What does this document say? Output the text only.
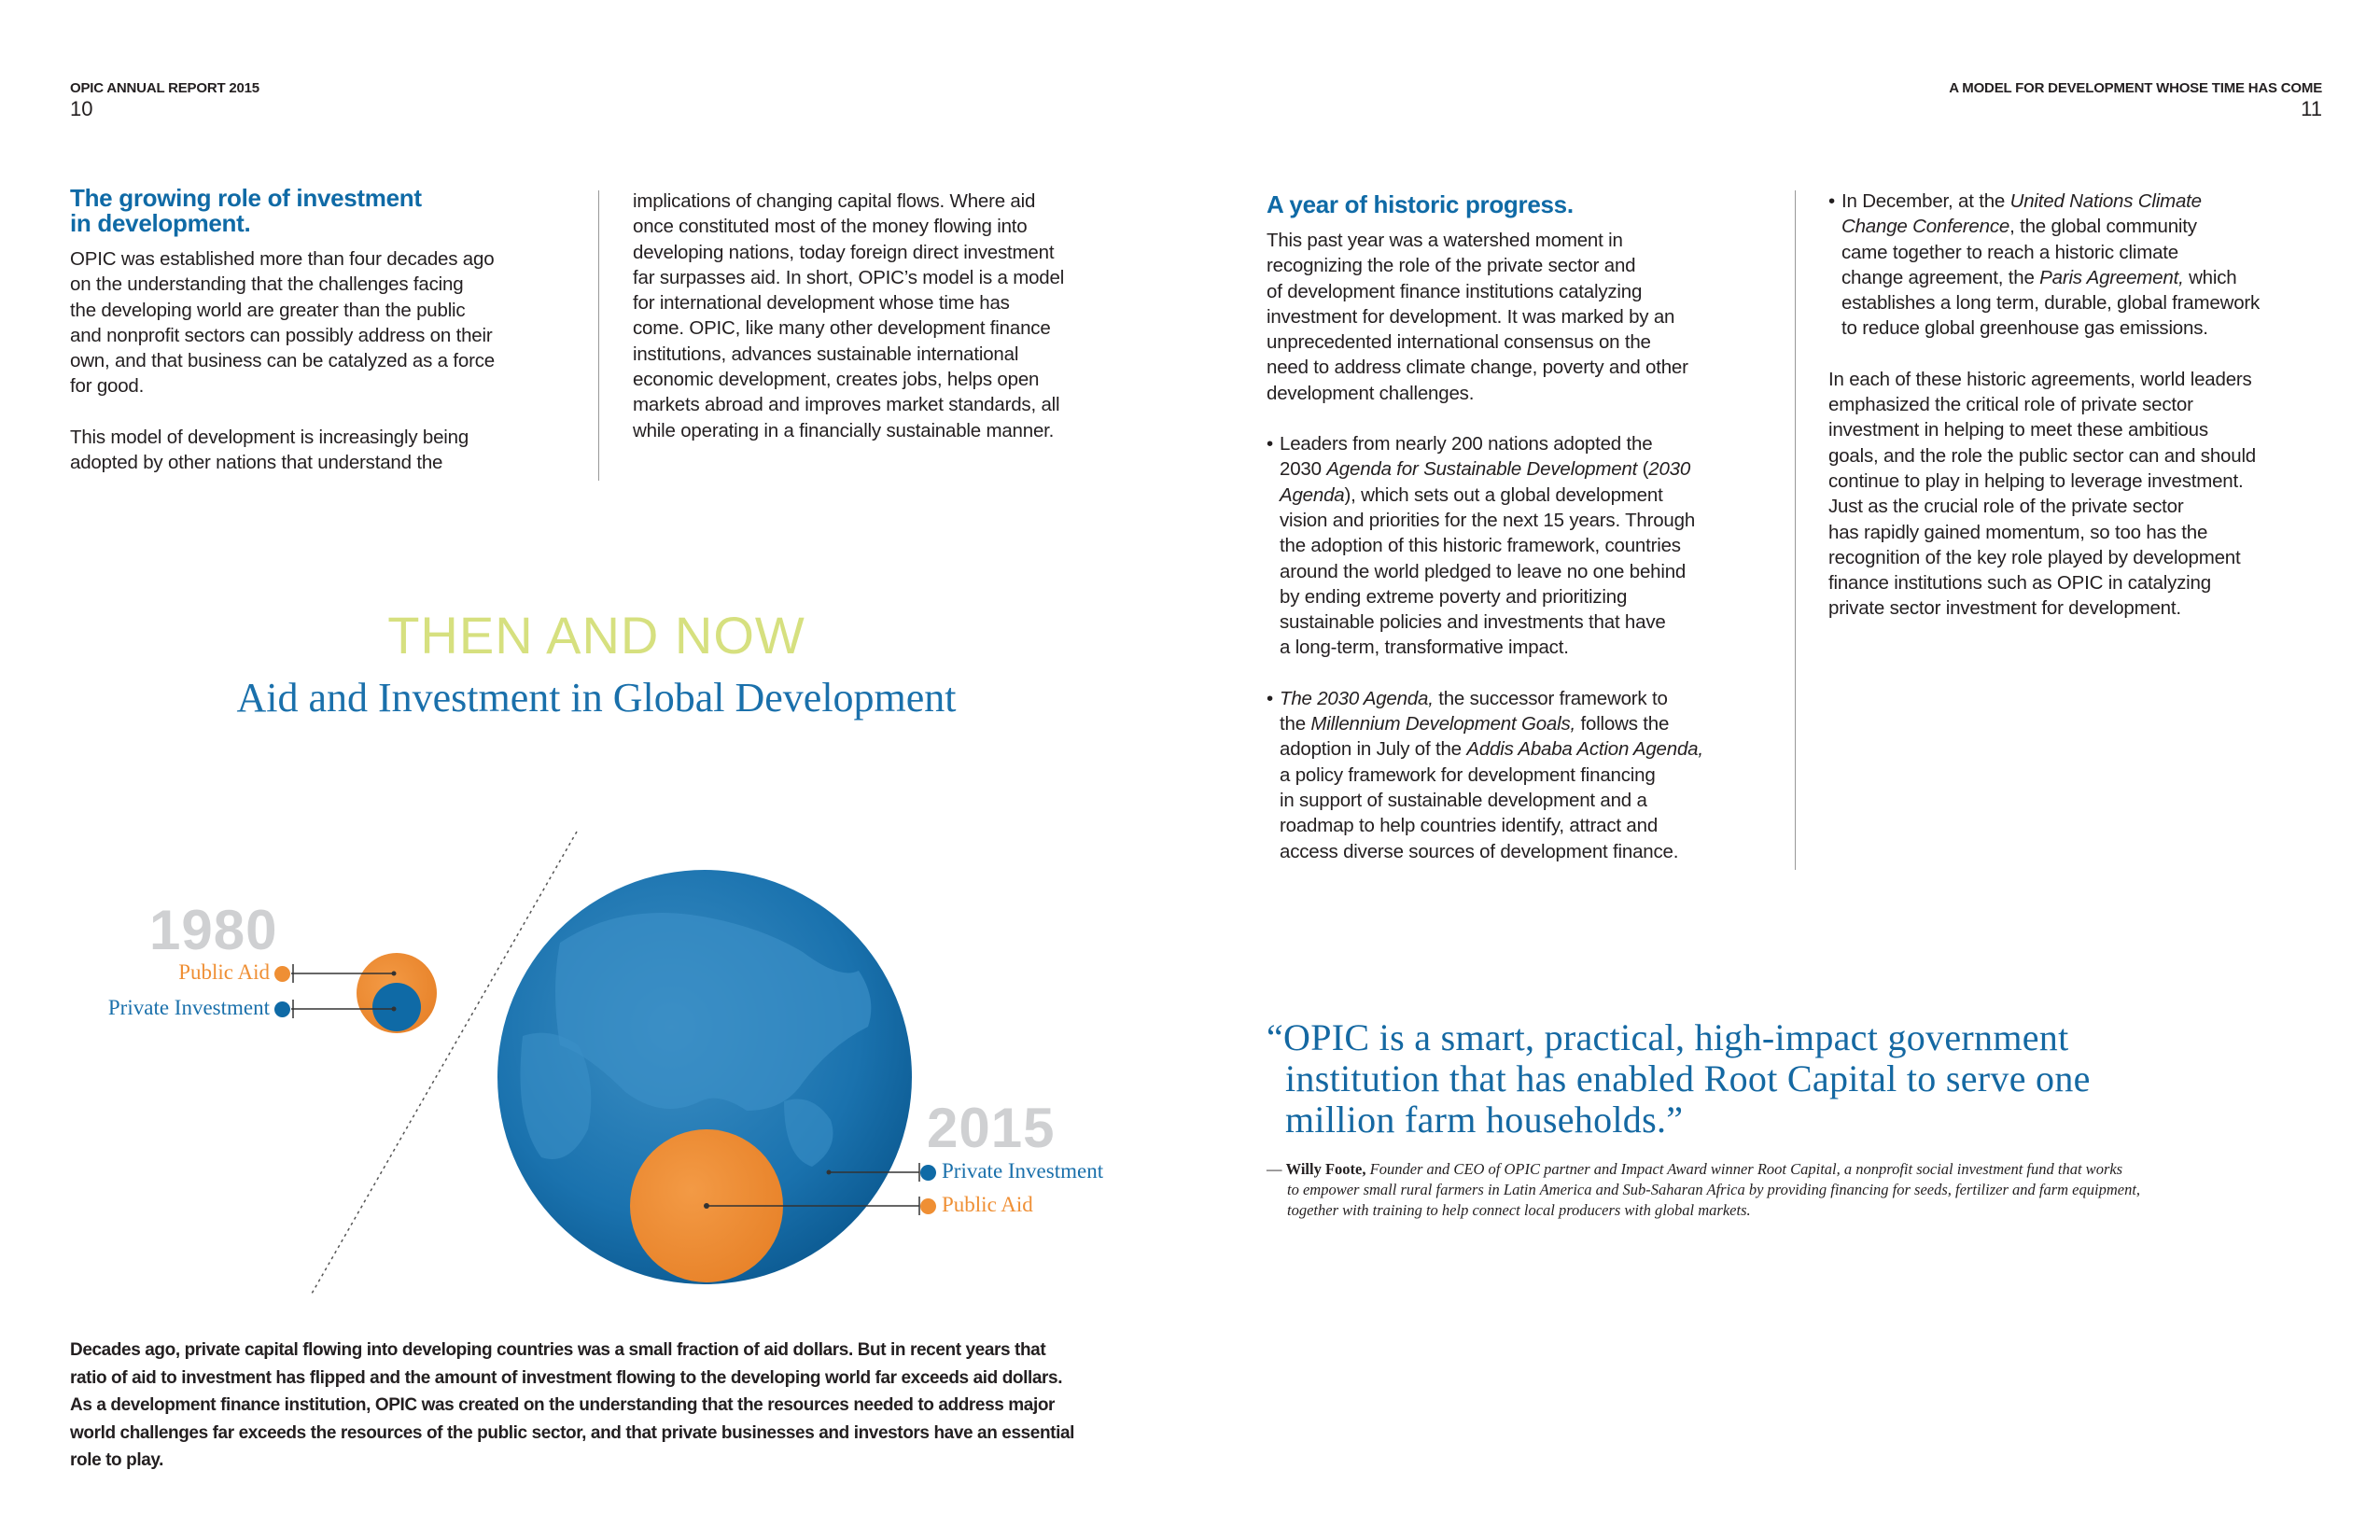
OPIC ANNUAL REPORT 2015
10
The growing role of investment
in development.
OPIC was established more than four decades ago
on the understanding that the challenges facing
the developing world are greater than the public
and nonprofit sectors can possibly address on their
own, and that business can be catalyzed as a force
for good.
This model of development is increasingly being
adopted by other nations that understand the
implications of changing capital flows. Where aid
once constituted most of the money flowing into
developing nations, today foreign direct investment
far surpasses aid. In short, OPIC’s model is a model
for international development whose time has
come. OPIC, like many other development finance
institutions, advances sustainable international
economic development, creates jobs, helps open
markets abroad and improves market standards, all
while operating in a financially sustainable manner.
THEN AND NOW
Aid and Investment in Global Development
1980
Public Aid
Private Investment
2015
Private Investment
Public Aid
Decades ago, private capital flowing into developing countries was a small fraction of aid dollars. But in recent years that
ratio of aid to investment has flipped and the amount of investment flowing to the developing world far exceeds aid dollars.
As a development finance institution, OPIC was created on the understanding that the resources needed to address major
world challenges far exceeds the resources of the public sector, and that private businesses and investors have an essential
role to play.
A MODEL FOR DEVELOPMENT WHOSE TIME HAS COME
11
A year of historic progress.
This past year was a watershed moment in
recognizing the role of the private sector and
of development finance institutions catalyzing
investment for development. It was marked by an
unprecedented international consensus on the
need to address climate change, poverty and other
development challenges.
• Leaders from nearly 200 nations adopted the
2030 Agenda for Sustainable Development (2030
Agenda), which sets out a global development
vision and priorities for the next 15 years. Through
the adoption of this historic framework, countries
around the world pledged to leave no one behind
by ending extreme poverty and prioritizing
sustainable policies and investments that have
a long-term, transformative impact.
• The 2030 Agenda, the successor framework to
the Millennium Development Goals, follows the
adoption in July of the Addis Ababa Action Agenda,
a policy framework for development financing
in support of sustainable development and a
roadmap to help countries identify, attract and
access diverse sources of development finance.
• In December, at the United Nations Climate
Change Conference, the global community
came together to reach a historic climate
change agreement, the Paris Agreement, which
establishes a long term, durable, global framework
to reduce global greenhouse gas emissions.
In each of these historic agreements, world leaders
emphasized the critical role of private sector
investment in helping to meet these ambitious
goals, and the role the public sector can and should
continue to play in helping to leverage investment.
Just as the crucial role of the private sector
has rapidly gained momentum, so too has the
recognition of the key role played by development
finance institutions such as OPIC in catalyzing
private sector investment for development.
“OPIC is a smart, practical, high-impact government
institution that has enabled Root Capital to serve one
million farm households.”
— Willy Foote, Founder and CEO of OPIC partner and Impact Award winner Root Capital, a nonprofit social investment fund that works
to empower small rural farmers in Latin America and Sub-Saharan Africa by providing financing for seeds, fertilizer and farm equipment,
together with training to help connect local producers with global markets.
